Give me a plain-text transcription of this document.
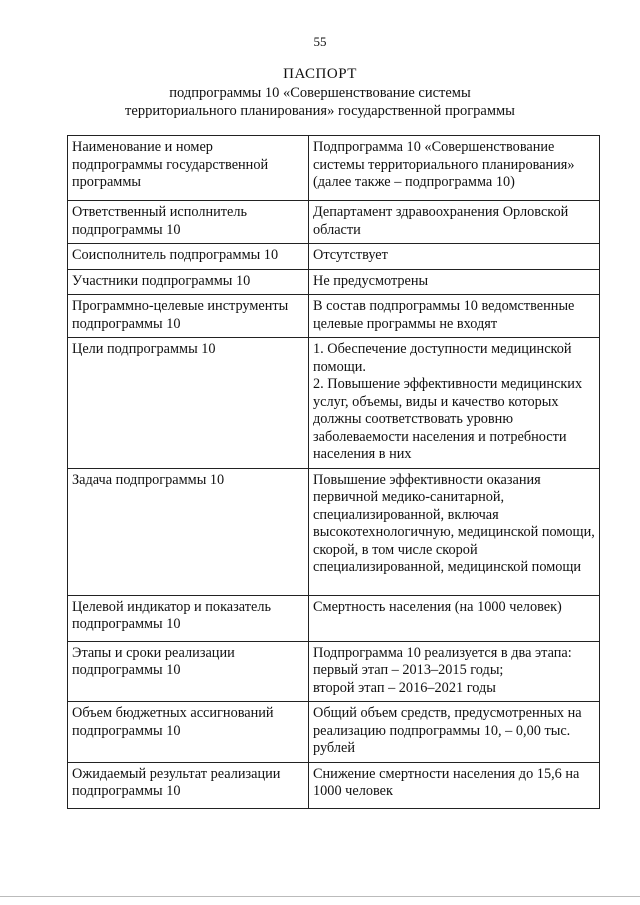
55
ПАСПОРТ
подпрограммы 10 «Совершенствование системы
территориального планирования» государственной программы
Наименование и номер подпрограммы государственной программы	Подпрограмма 10 «Совершенствование системы территориального планирования» (далее также – подпрограмма 10)
Ответственный исполнитель подпрограммы 10	Департамент здравоохранения Орловской области
Соисполнитель подпрограммы 10	Отсутствует
Участники подпрограммы 10	Не предусмотрены
Программно-целевые инструменты подпрограммы 10	В состав подпрограммы 10 ведомственные целевые программы не входят
Цели подпрограммы 10	1. Обеспечение доступности медицинской помощи.
2. Повышение эффективности медицинских услуг, объемы, виды и качество которых должны соответствовать уровню заболеваемости населения и потребности населения в них

Задача подпрограммы 10	Повышение эффективности оказания первичной медико-санитарной, специализированной, включая высокотехнологичную, медицинской помощи, скорой, в том числе скорой специализированной, медицинской помощи
Целевой индикатор и показатель подпрограммы 10	Смертность населения (на 1000 человек)
Этапы и сроки реализации подпрограммы 10	Подпрограмма 10 реализуется в два этапа:
первый этап – 2013–2015 годы;
второй этап – 2016–2021 годы

Объем бюджетных ассигнований подпрограммы 10	Общий объем средств, предусмотренных на реализацию подпрограммы 10, – 0,00 тыс. рублей
Ожидаемый результат реализации подпрограммы 10	Снижение смертности населения до 15,6 на 1000 человек
